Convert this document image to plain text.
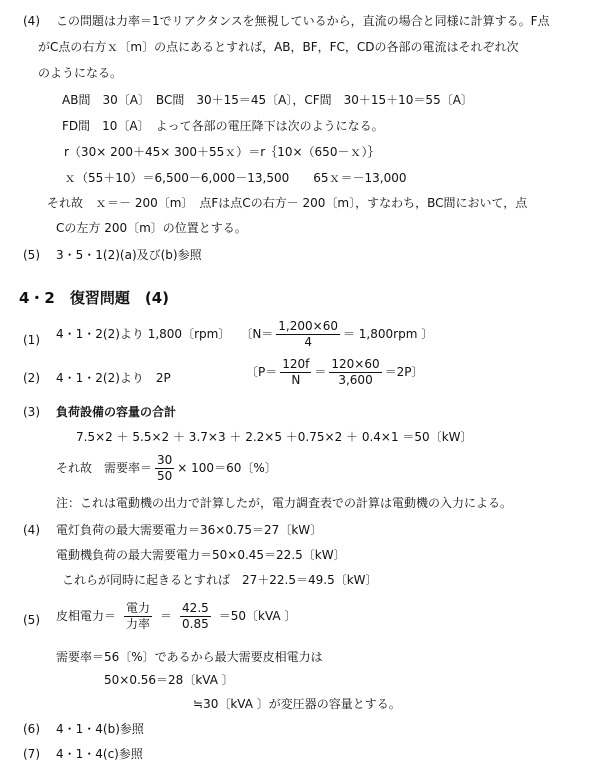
(4) この問題は力率＝1でリアクタンスを無視しているから，直流の場合と同様に計算する。F点
がC点の右方ｘ〔m〕の点にあるとすれば，AB，BF，FC，CDの各部の電流はそれぞれ次
のようになる。
AB間　30〔A〕　BC間　30＋15＝45〔A〕，CF間　30＋15＋10＝55〔A〕
FD間　10〔A〕　よって各部の電圧降下は次のようになる。
r（30× 200＋45× 300＋55ｘ）＝r｛10×（650－ｘ）｝
ｘ（55＋10）＝6,500－6,000－13,500　　65ｘ＝－13,000
それ故　ｘ＝－ 200〔m〕　点Fは点Cの右方－ 200〔m〕，すなわち，BC間において，点
Cの左方 200〔m〕の位置とする。
(5) 3・5・1(2)(a)及び(b)参照
4・2　復習問題　(4)
(1) 4・1・2(2)より 1,800〔rpm〕 〔$N= \frac{1,200\times 60}{4} = 1,800rpm$ 〕
(2) 4・1・2(2)より　2P	〔$P= \frac{120f}{N} = \frac{120\times 60}{3,600} =2P$〕
(3) 負荷設備の容量の合計
7.5×2 ＋ 5.5×2 ＋ 3.7×3 ＋ 2.2×5 ＋0.75×2 ＋ 0.4×1 ＝50〔kW〕
それ故　需要率＝ $\frac{30}{50} \times 100=60$〔%〕
注：これは電動機の出力で計算したが，電力調査表での計算は電動機の入力による。
(4) 電灯負荷の最大需要電力＝36×0.75＝27〔kW〕
電動機負荷の最大需要電力＝50×0.45＝22.5〔kW〕
これらが同時に起きるとすれば　27＋22.5＝49.5〔kW〕
(5) 皮相電力＝ $\frac{\text{電力}}{\text{力率}} = \frac{42.5}{0.85} =50$〔kVA 〕
需要率＝56〔%〕であるから最大需要皮相電力は
50×0.56＝28〔kVA 〕
≒30〔kVA 〕が変圧器の容量とする。
(6) 4・1・4(b)参照
(7) 4・1・4(c)参照
